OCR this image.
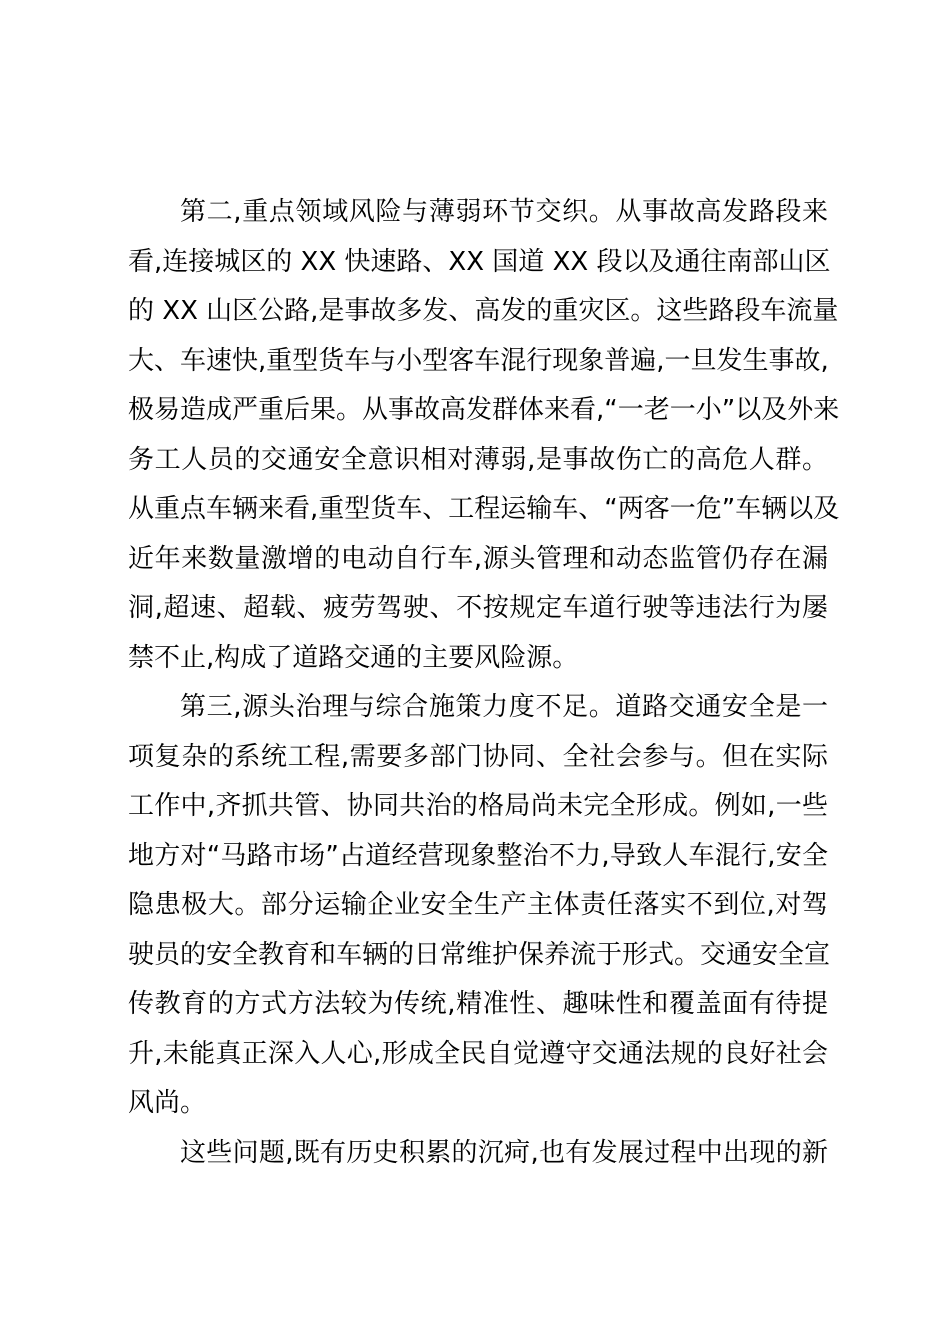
第二,重点领域风险与薄弱环节交织。从事故高发路段来
看,连接城区的 XX 快速路、XX 国道 XX 段以及通往南部山区
的 XX 山区公路,是事故多发、高发的重灾区。这些路段车流量
大、车速快,重型货车与小型客车混行现象普遍,一旦发生事故,
极易造成严重后果。从事故高发群体来看,“一老一小”以及外来
务工人员的交通安全意识相对薄弱,是事故伤亡的高危人群。
从重点车辆来看,重型货车、工程运输车、“两客一危”车辆以及
近年来数量激增的电动自行车,源头管理和动态监管仍存在漏
洞,超速、超载、疲劳驾驶、不按规定车道行驶等违法行为屡
禁不止,构成了道路交通的主要风险源。
第三,源头治理与综合施策力度不足。道路交通安全是一
项复杂的系统工程,需要多部门协同、全社会参与。但在实际
工作中,齐抓共管、协同共治的格局尚未完全形成。例如,一些
地方对“马路市场”占道经营现象整治不力,导致人车混行,安全
隐患极大。部分运输企业安全生产主体责任落实不到位,对驾
驶员的安全教育和车辆的日常维护保养流于形式。交通安全宣
传教育的方式方法较为传统,精准性、趣味性和覆盖面有待提
升,未能真正深入人心,形成全民自觉遵守交通法规的良好社会
风尚。
这些问题,既有历史积累的沉疴,也有发展过程中出现的新
